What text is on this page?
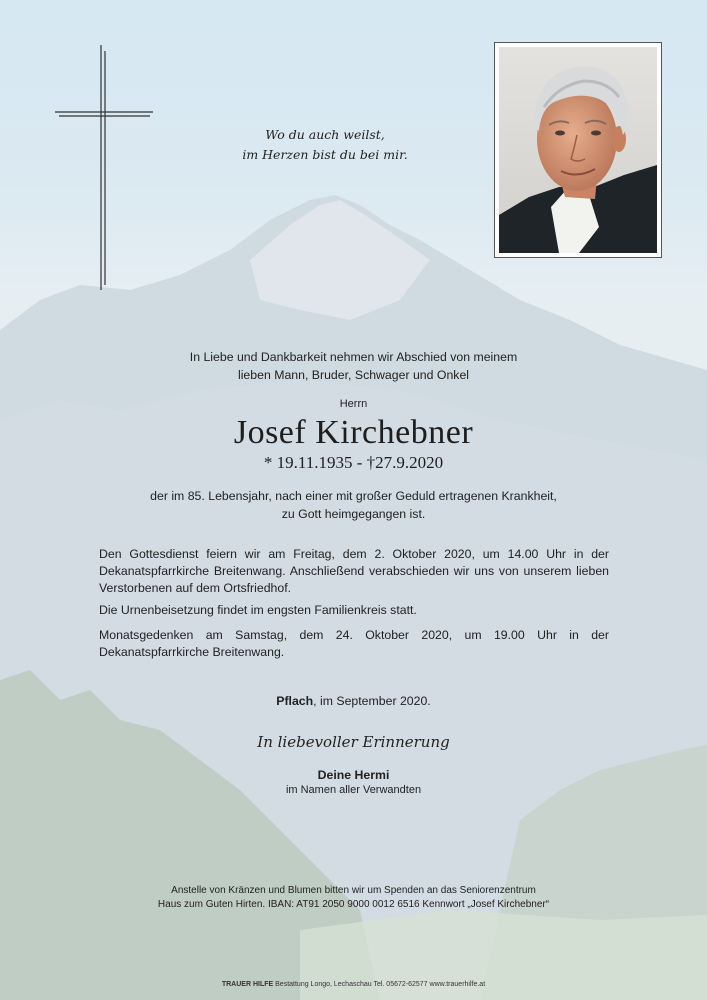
Wo du auch weilst,
im Herzen bist du bei mir.
In Liebe und Dankbarkeit nehmen wir Abschied von meinem
lieben Mann, Bruder, Schwager und Onkel
Herrn
Josef Kirchebner
* 19.11.1935 - †27.9.2020
der im 85. Lebensjahr, nach einer mit großer Geduld ertragenen Krankheit,
zu Gott heimgegangen ist.
Den Gottesdienst feiern wir am Freitag, dem 2. Oktober 2020, um 14.00 Uhr in der Dekanatspfarrkirche Breitenwang. Anschließend verabschieden wir uns von unserem lieben Verstorbenen auf dem Ortsfriedhof.
Die Urnenbeisetzung findet im engsten Familienkreis statt.
Monatsgedenken am Samstag, dem 24. Oktober 2020, um 19.00 Uhr in der Dekanatspfarrkirche Breitenwang.
Pflach, im September 2020.
In liebevoller Erinnerung
Deine Hermi
im Namen aller Verwandten
Anstelle von Kränzen und Blumen bitten wir um Spenden an das Seniorenzentrum
Haus zum Guten Hirten. IBAN: AT91 2050 9000 0012 6516 Kennwort „Josef Kirchebner“
TRAUER HILFE Bestattung Longo, Lechaschau Tel. 05672-62577 www.trauerhilfe.at
